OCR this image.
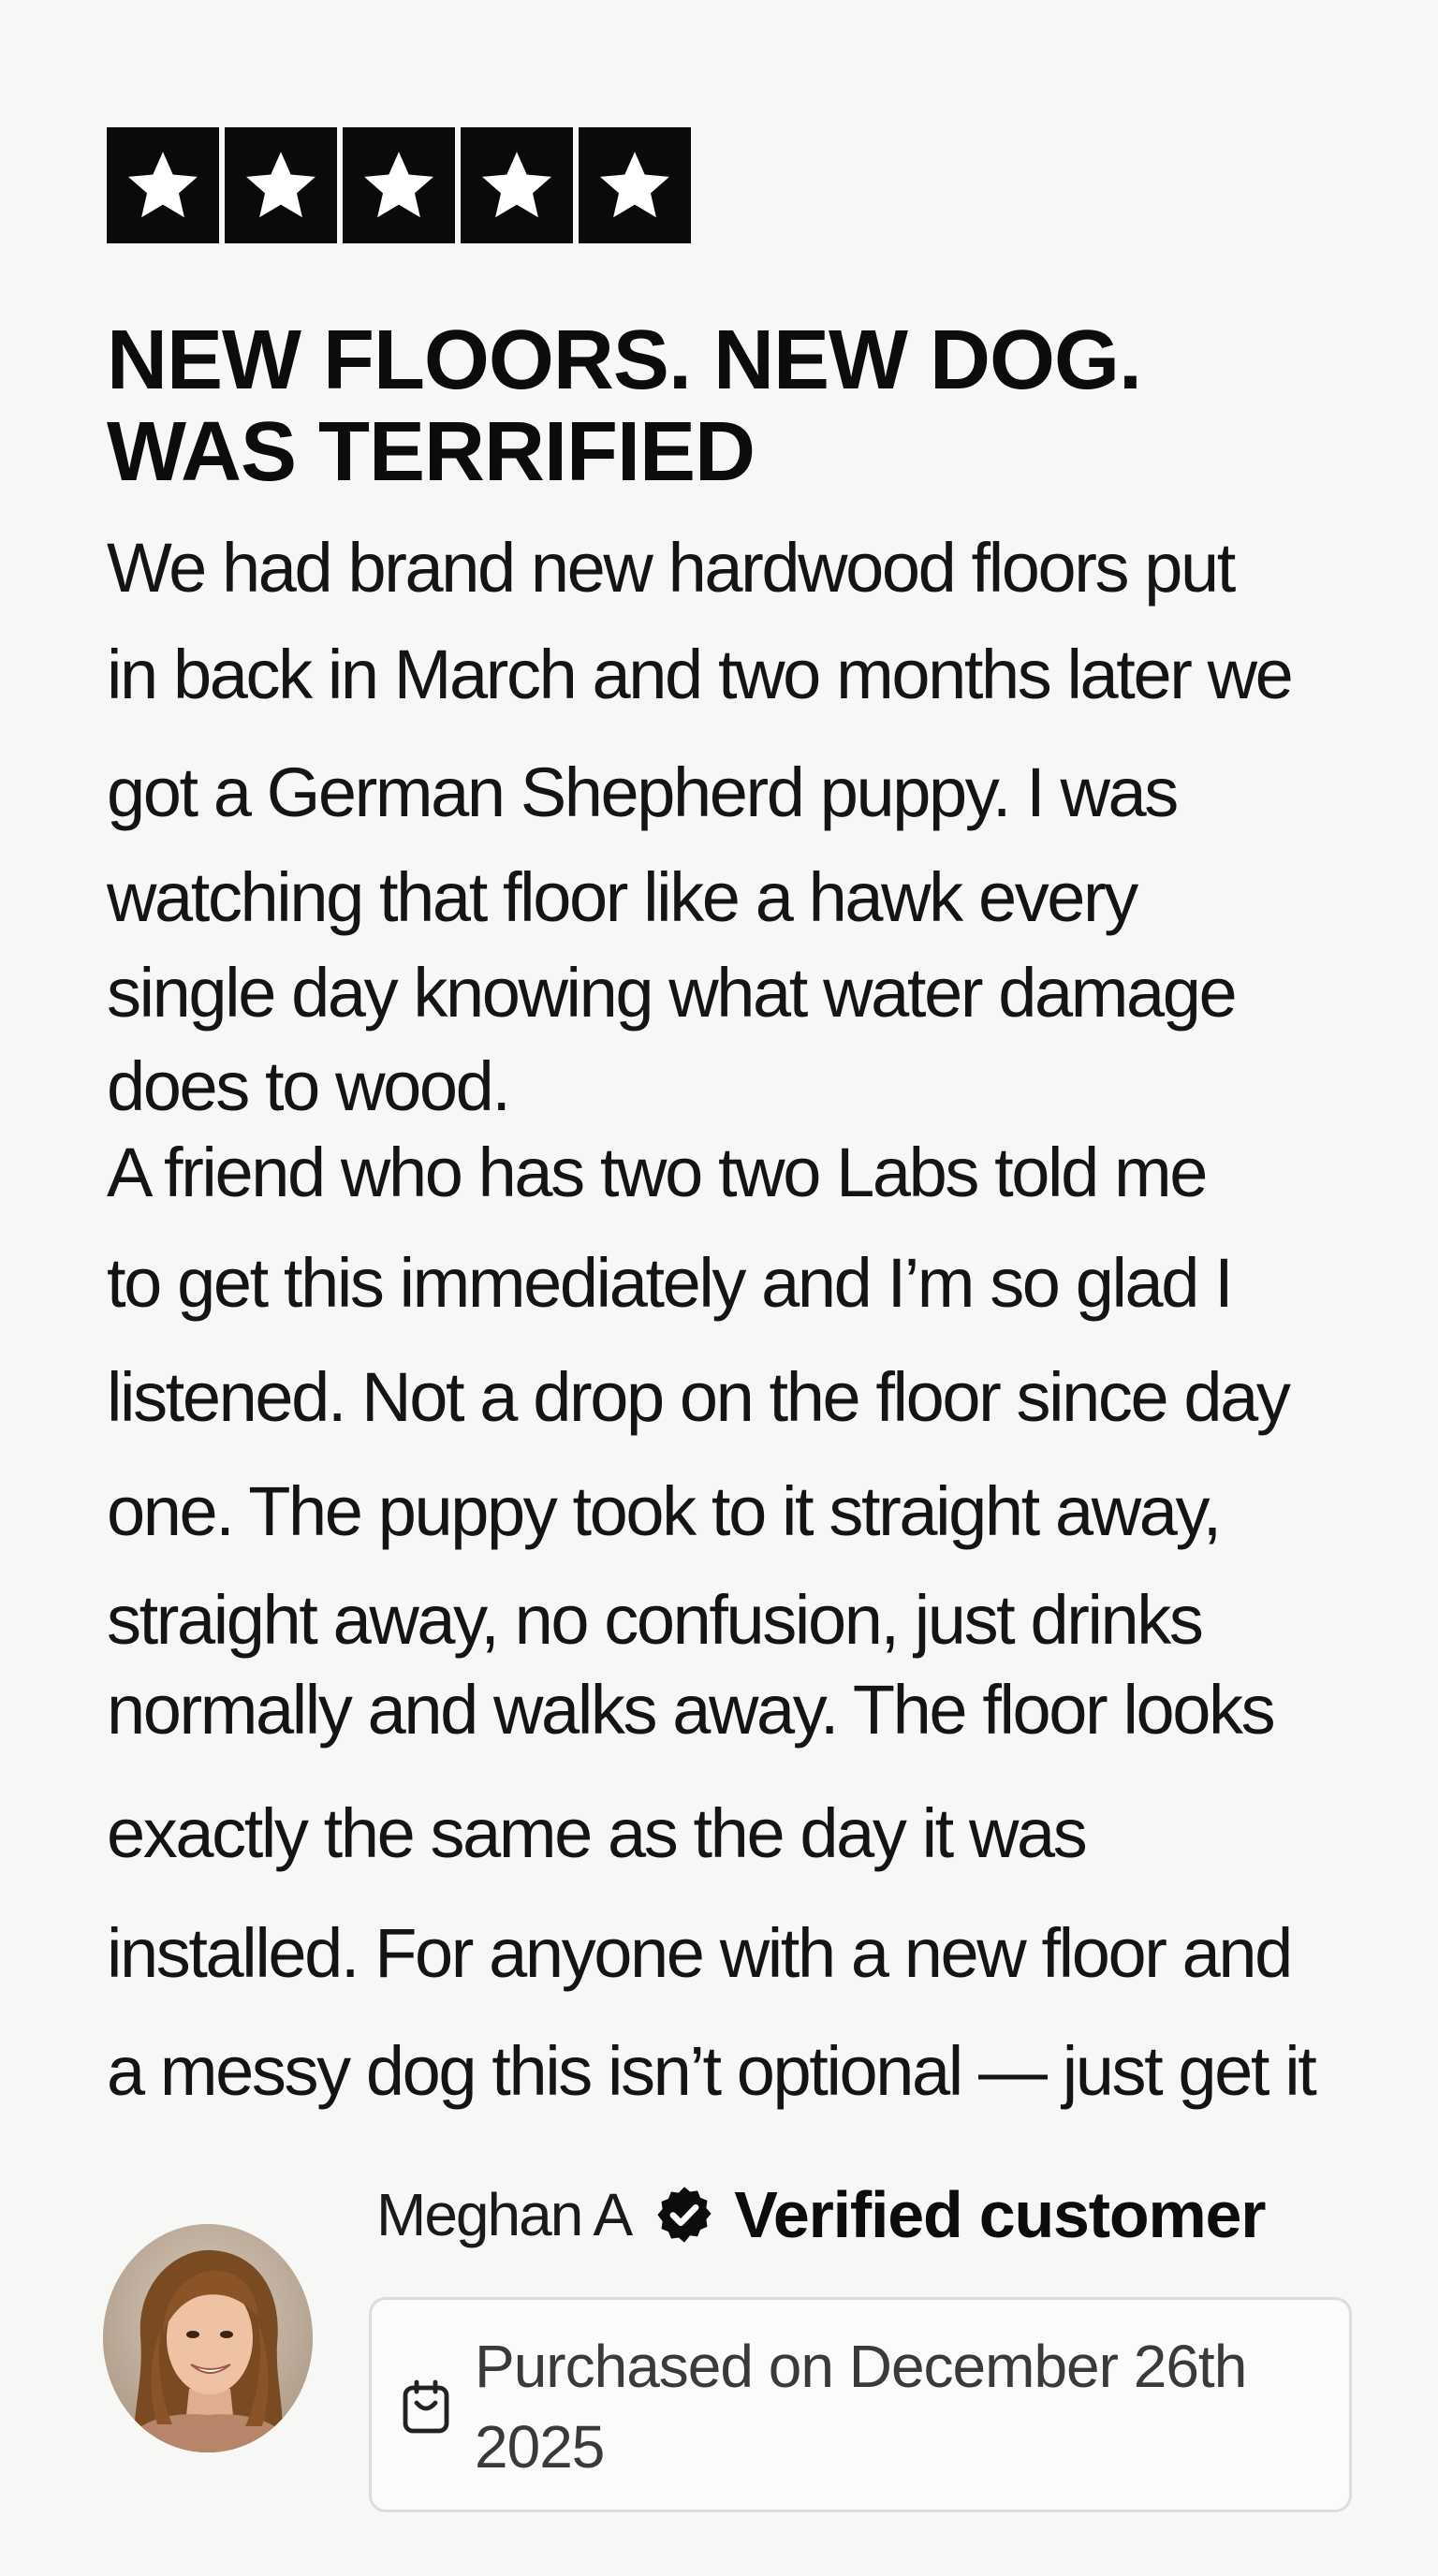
NEW FLOORS. NEW DOG.
WAS TERRIFIED
We had brand new hardwood floors put
in back in March and two months later we
got a German Shepherd puppy. I was
watching that floor like a hawk every
single day knowing what water damage
does to wood.
A friend who has two two Labs told me
to get this immediately and I’m so glad I
listened. Not a drop on the floor since day
one. The puppy took to it straight away,
straight away, no confusion, just drinks
normally and walks away. The floor looks
exactly the same as the day it was
installed. For anyone with a new floor and
a messy dog this isn’t optional — just get it
Meghan A Verified customer

Purchased on December 26th
2025
